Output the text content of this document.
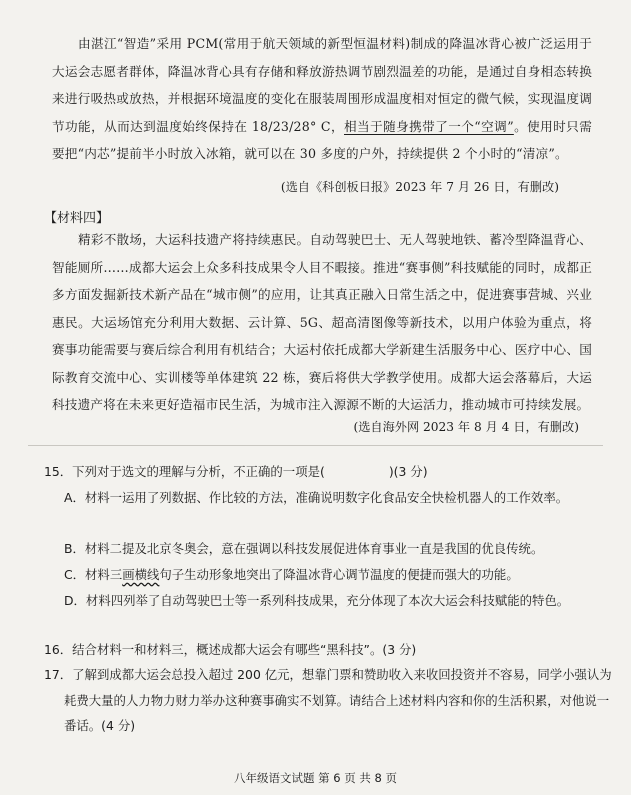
由湛江“智造”采用 PCM(常用于航天领域的新型恒温材料)制成的降温冰背心被广泛运用于大运会志愿者群体，降温冰背心具有存储和释放游热调节剧烈温差的功能，是通过自身相态转换来进行吸热或放热，并根据环境温度的变化在服装周围形成温度相对恒定的微气候，实现温度调节功能，从而达到温度始终保持在 18/23/28° C，相当于随身携带了一个“空调”。使用时只需要把“内芯”提前半小时放入冰箱，就可以在 30 多度的户外，持续提供 2 个小时的“清凉”。
(选自《科创板日报》2023 年 7 月 26 日，有删改)
【材料四】
精彩不散场，大运科技遗产将持续惠民。自动驾驶巴士、无人驾驶地铁、蓄冷型降温背心、智能厕所……成都大运会上众多科技成果令人目不暇接。推进“赛事侧”科技赋能的同时，成都正多方面发掘新技术新产品在“城市侧”的应用，让其真正融入日常生活之中，促进赛事营城、兴业惠民。大运场馆充分利用大数据、云计算、5G、超高清图像等新技术，以用户体验为重点，将赛事功能需要与赛后综合利用有机结合；大运村依托成都大学新建生活服务中心、医疗中心、国际教育交流中心、实训楼等单体建筑 22 栋，赛后将供大学教学使用。成都大运会落幕后，大运科技遗产将在未来更好造福市民生活，为城市注入源源不断的大运活力，推动城市可持续发展。
(选自海外网 2023 年 8 月 4 日，有删改)
15．下列对于选文的理解与分析，不正确的一项是(	)(3 分)
A．材料一运用了列数据、作比较的方法，准确说明数字化食品安全快检机器人的工作效率。
B．材料二提及北京冬奥会，意在强调以科技发展促进体育事业一直是我国的优良传统。
C．材料三画横线句子生动形象地突出了降温冰背心调节温度的便捷而强大的功能。
D．材料四列举了自动驾驶巴士等一系列科技成果，充分体现了本次大运会科技赋能的特色。
16．结合材料一和材料三，概述成都大运会有哪些“黑科技”。(3 分)
17．了解到成都大运会总投入超过 200 亿元，想靠门票和赞助收入来收回投资并不容易，同学小强认为耗费大量的人力物力财力举办这种赛事确实不划算。请结合上述材料内容和你的生活积累，对他说一番话。(4 分)
八年级语文试题 第 6 页 共 8 页
